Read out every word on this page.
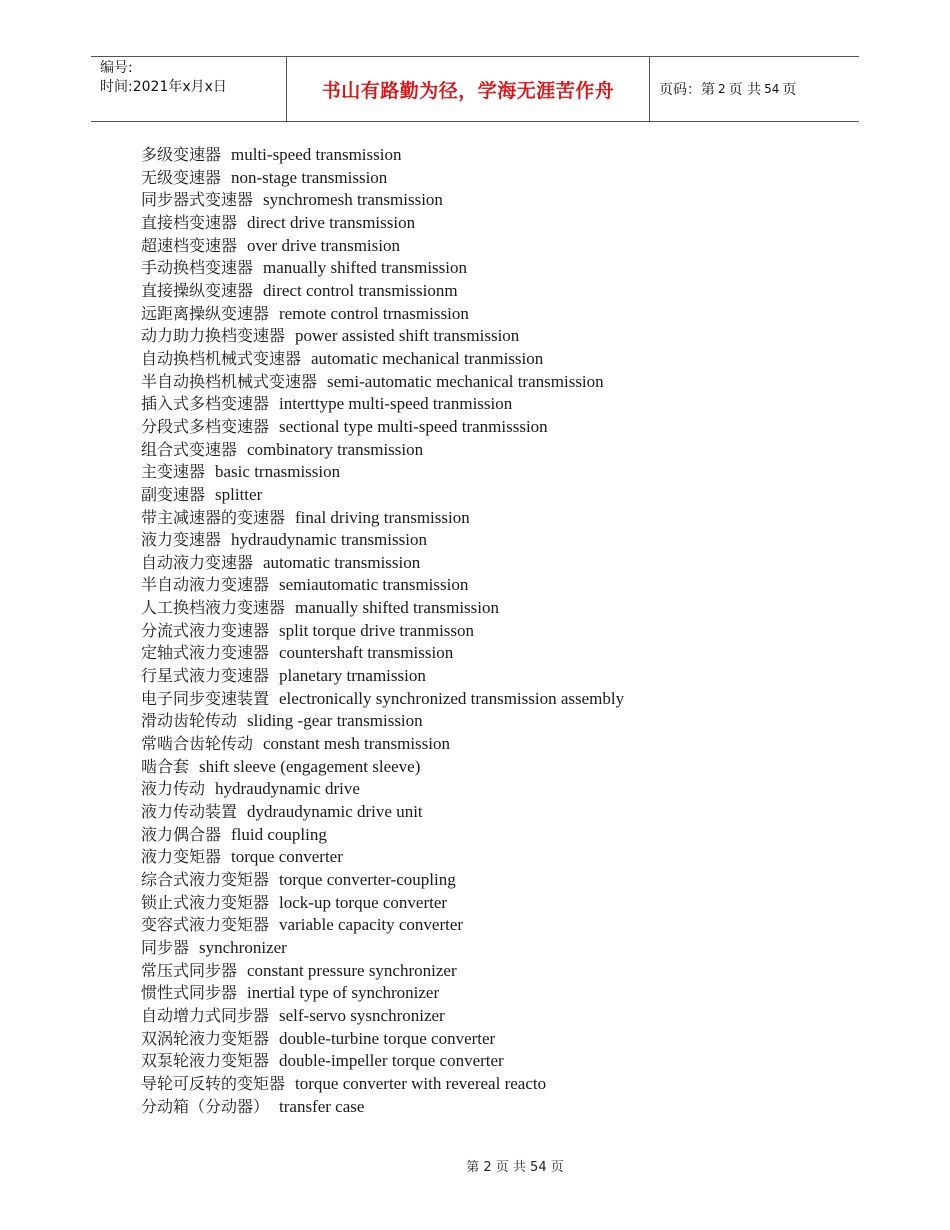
编号:
时间:2021年x月x日	书山有路勤为径，学海无涯苦作舟	页码：第 2 页 共 54 页
多级变速器 multi-speed transmission
无级变速器 non-stage transmission
同步器式变速器 synchromesh transmission
直接档变速器 direct drive transmission
超速档变速器 over drive transmision
手动换档变速器 manually shifted transmission
直接操纵变速器 direct control transmissionm
远距离操纵变速器 remote control trnasmission
动力助力换档变速器 power assisted shift transmission
自动换档机械式变速器 automatic mechanical tranmission
半自动换档机械式变速器 semi-automatic mechanical transmission
插入式多档变速器 interttype multi-speed tranmission
分段式多档变速器 sectional type multi-speed tranmisssion
组合式变速器 combinatory transmission
主变速器 basic trnasmission
副变速器 splitter
带主减速器的变速器 final driving transmission
液力变速器 hydraudynamic transmission
自动液力变速器 automatic transmission
半自动液力变速器 semiautomatic transmission
人工换档液力变速器 manually shifted transmission
分流式液力变速器 split torque drive tranmisson
定轴式液力变速器 countershaft transmission
行星式液力变速器 planetary trnamission
电子同步变速装置 electronically synchronized transmission assembly
滑动齿轮传动 sliding -gear transmission
常啮合齿轮传动 constant mesh transmission
啮合套 shift sleeve (engagement sleeve)
液力传动 hydraudynamic drive
液力传动装置 dydraudynamic drive unit
液力偶合器 fluid coupling
液力变矩器 torque converter
综合式液力变矩器 torque converter-coupling
锁止式液力变矩器 lock-up torque converter
变容式液力变矩器 variable capacity converter
同步器 synchronizer
常压式同步器 constant pressure synchronizer
惯性式同步器 inertial type of synchronizer
自动增力式同步器 self-servo sysnchronizer
双涡轮液力变矩器 double-turbine torque converter
双泵轮液力变矩器 double-impeller torque converter
导轮可反转的变矩器 torque converter with revereal reacto
分动箱（分动器） transfer case
第 2 页 共 54 页
